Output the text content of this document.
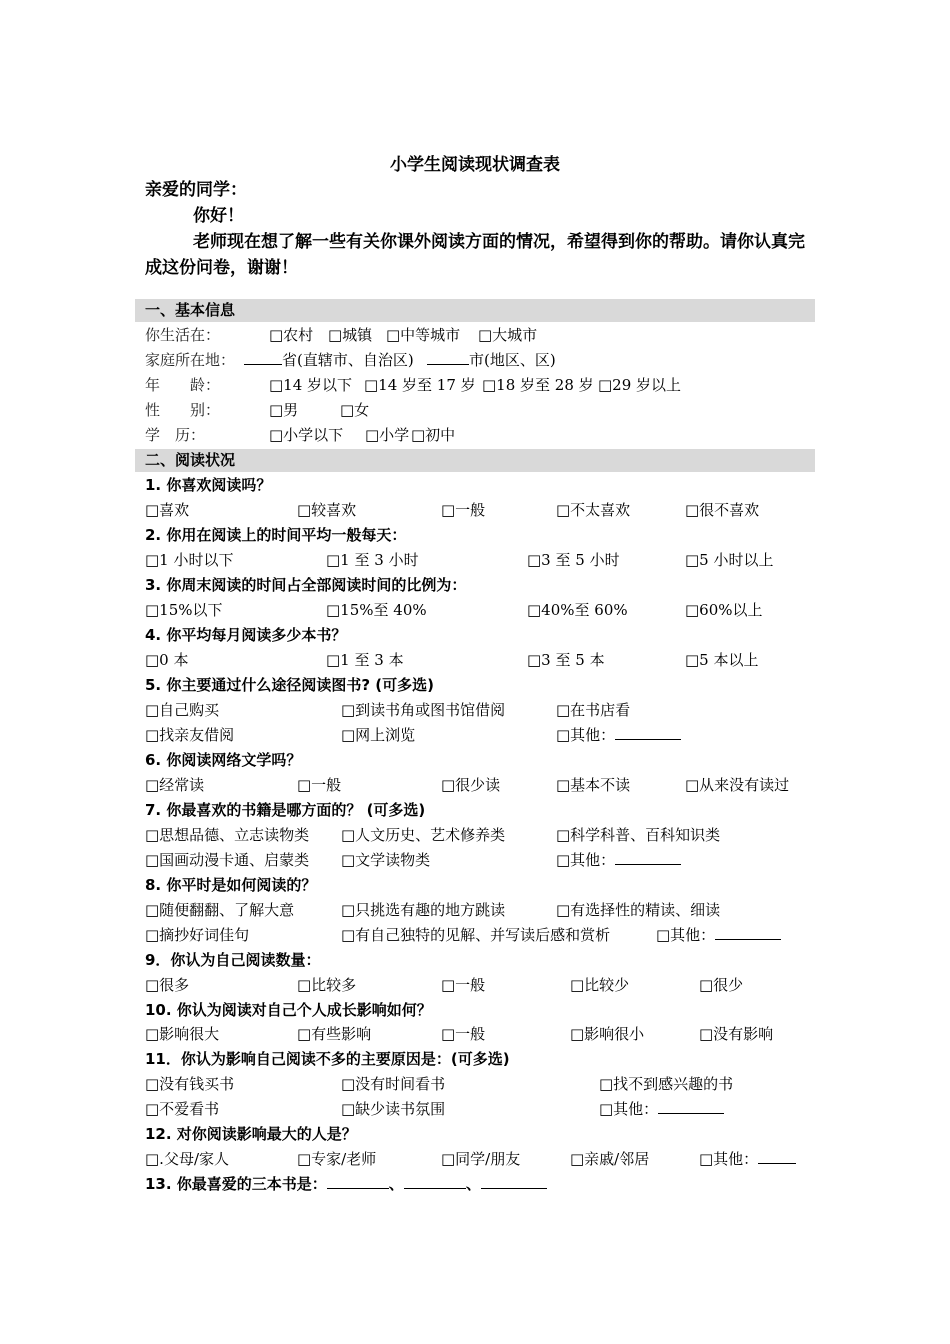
小学生阅读现状调查表

亲爱的同学：

你好！

老师现在想了解一些有关你课外阅读方面的情况，希望得到你的帮助。请你认真完成这份问卷，谢谢！

一、基本信息
你生活在：	□农村 □城镇 □中等城市 □大城市
家庭所在地：	省(直辖市、自治区)	市(地区、区)
年　　龄：	□14 岁以下 □14 岁至 17 岁 □18 岁至 28 岁 □29 岁以上
性　　别：	□男	□女
学　历：	□小学以下 □小学 □初中
二、阅读状况
1. 你喜欢阅读吗？
□喜欢	□较喜欢	□一般	□不太喜欢	□很不喜欢
2. 你用在阅读上的时间平均一般每天：
□1 小时以下	□1 至 3 小时	□3 至 5 小时	□5 小时以上
3. 你周末阅读的时间占全部阅读时间的比例为：
□15%以下	□15%至 40%	□40%至 60%	□60%以上
4. 你平均每月阅读多少本书？
□0 本	□1 至 3 本	□3 至 5 本	□5 本以上
5. 你主要通过什么途径阅读图书? (可多选)
□自己购买	□到读书角或图书馆借阅	□在书店看
□找亲友借阅	□网上浏览	□其他：
6. 你阅读网络文学吗？
□经常读	□一般	□很少读	□基本不读	□从来没有读过
7. 你最喜欢的书籍是哪方面的？ (可多选)
□思想品德、立志读物类 □人文历史、艺术修养类	□科学科普、百科知识类
□国画动漫卡通、启蒙类 □文学读物类	□其他：
8. 你平时是如何阅读的？
□随便翻翻、了解大意	□只挑选有趣的地方跳读	□有选择性的精读、细读
□摘抄好词佳句	□有自己独特的见解、并写读后感和赏析	□其他：
9．你认为自己阅读数量：
□很多	□比较多	□一般	□比较少	□很少
10. 你认为阅读对自己个人成长影响如何？
□影响很大	□有些影响	□一般	□影响很小	□没有影响
11．你认为影响自己阅读不多的主要原因是：(可多选)
□没有钱买书	□没有时间看书	□找不到感兴趣的书
□不爱看书	□缺少读书氛围	□其他：
12. 对你阅读影响最大的人是？
□.父母/家人	□专家/老师	□同学/朋友	□亲戚/邻居	□其他：
13. 你最喜爱的三本书是：	、	、
